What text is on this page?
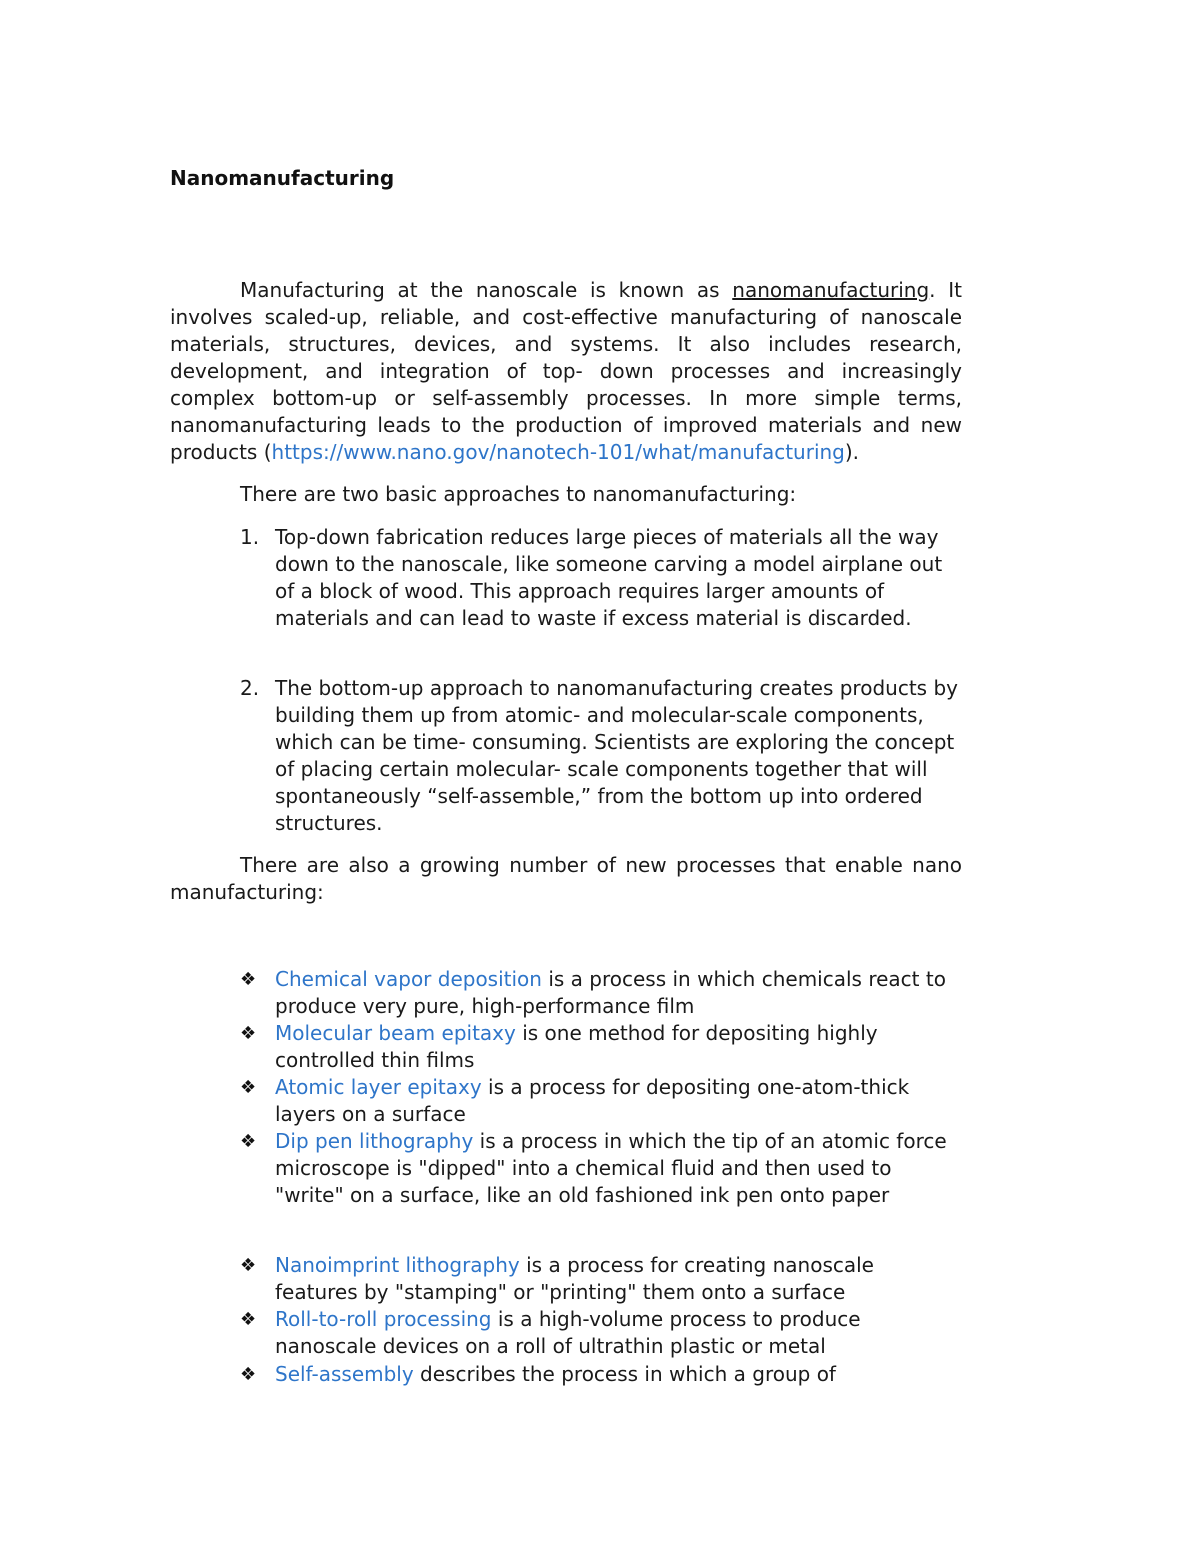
Nanomanufacturing

Manufacturing at the nanoscale is known as nanomanufacturing. It involves scaled-up, reliable, and cost-effective manufacturing of nanoscale materials, structures, devices, and systems. It also includes research, development, and integration of top- down processes and increasingly complex bottom-up or self-assembly processes. In more simple terms, nanomanufacturing leads to the production of improved materials and new products (https://www.nano.gov/nanotech-101/what/manufacturing).

There are two basic approaches to nanomanufacturing:

1. Top-down fabrication reduces large pieces of materials all the way down to the nanoscale, like someone carving a model airplane out of a block of wood. This approach requires larger amounts of materials and can lead to waste if excess material is discarded.
2. The bottom-up approach to nanomanufacturing creates products by building them up from atomic- and molecular-scale components, which can be time- consuming. Scientists are exploring the concept of placing certain molecular- scale components together that will spontaneously “self-assemble,” from the bottom up into ordered structures.

There are also a growing number of new processes that enable nano manufacturing:

❖ Chemical vapor deposition is a process in which chemicals react to produce very pure, high-performance film
❖ Molecular beam epitaxy is one method for depositing highly controlled thin films
❖ Atomic layer epitaxy is a process for depositing one-atom-thick layers on a surface
❖ Dip pen lithography is a process in which the tip of an atomic force microscope is "dipped" into a chemical fluid and then used to "write" on a surface, like an old fashioned ink pen onto paper
❖ Nanoimprint lithography is a process for creating nanoscale features by "stamping" or "printing" them onto a surface
❖ Roll-to-roll processing is a high-volume process to produce nanoscale devices on a roll of ultrathin plastic or metal
❖ Self-assembly describes the process in which a group of
